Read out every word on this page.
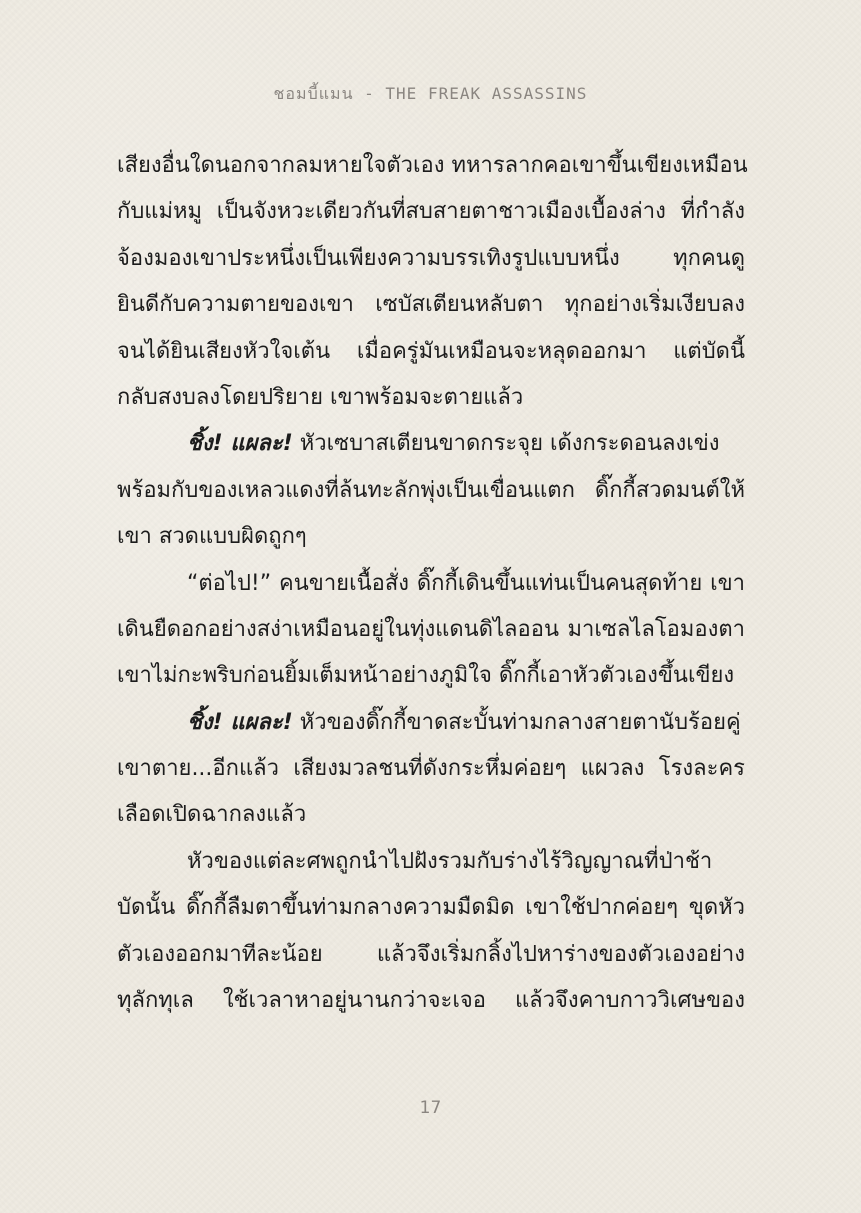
ชอมบี้แมน - THE FREAK ASSASSINS
เสียงอื่นใดนอกจากลมหายใจตัวเอง ทหารลากคอเขาขึ้นเขียงเหมือน
กับแม่หมู เป็นจังหวะเดียวกันที่สบสายตาชาวเมืองเบื้องล่าง ที่กำลัง
จ้องมองเขาประหนึ่งเป็นเพียงความบรรเทิงรูปแบบหนึ่ง ทุกคนดู
ยินดีกับความตายของเขา เซบัสเตียนหลับตา ทุกอย่างเริ่มเงียบลง
จนได้ยินเสียงหัวใจเต้น เมื่อครู่มันเหมือนจะหลุดออกมา แต่บัดนี้
กลับสงบลงโดยปริยาย เขาพร้อมจะตายแล้ว
ชิ้ง! แผละ! หัวเซบาสเตียนขาดกระจุย เด้งกระดอนลงเข่ง
พร้อมกับของเหลวแดงที่ล้นทะลักพุ่งเป็นเขื่อนแตก ดิ๊กกี้สวดมนต์ให้
เขา สวดแบบผิดถูกๆ
“ต่อไป!” คนขายเนื้อสั่ง ดิ๊กกี้เดินขึ้นแท่นเป็นคนสุดท้าย เขา
เดินยืดอกอย่างสง่าเหมือนอยู่ในทุ่งแดนดิไลออน มาเซลไลโอมองตา
เขาไม่กะพริบก่อนยิ้มเต็มหน้าอย่างภูมิใจ ดิ๊กกี้เอาหัวตัวเองขึ้นเขียง
ชิ้ง! แผละ! หัวของดิ๊กกี้ขาดสะบั้นท่ามกลางสายตานับร้อยคู่
เขาตาย...อีกแล้ว เสียงมวลชนที่ดังกระหึ่มค่อยๆ แผวลง โรงละคร
เลือดเปิดฉากลงแล้ว
หัวของแต่ละศพถูกนำไปฝังรวมกับร่างไร้วิญญาณที่ป่าช้า
บัดนั้น ดิ๊กกี้ลืมตาขึ้นท่ามกลางความมืดมิด เขาใช้ปากค่อยๆ ขุดหัว
ตัวเองออกมาทีละน้อย แล้วจึงเริ่มกลิ้งไปหาร่างของตัวเองอย่าง
ทุลักทุเล ใช้เวลาหาอยู่นานกว่าจะเจอ แล้วจึงคาบกาววิเศษของ
17
